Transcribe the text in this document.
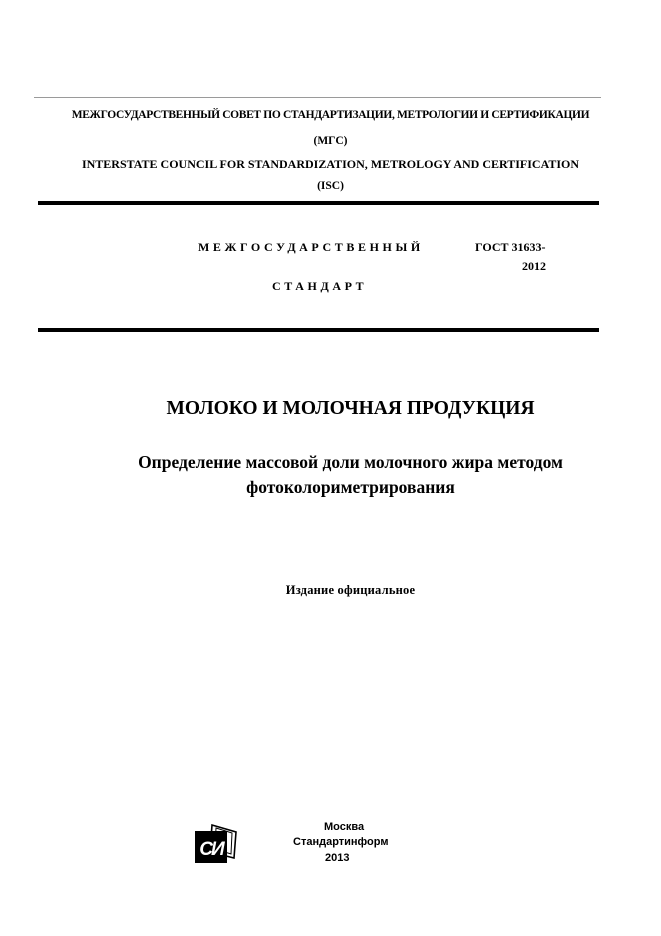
МЕЖГОСУДАРСТВЕННЫЙ СОВЕТ ПО СТАНДАРТИЗАЦИИ, МЕТРОЛОГИИ И СЕРТИФИКАЦИИ
(МГС)
INTERSTATE COUNCIL FOR STANDARDIZATION, METROLOGY AND CERTIFICATION
(ISC)
МЕЖГОСУДАРСТВЕННЫЙ	ГОСТ 31633-
2012
СТАНДАРТ
МОЛОКО И МОЛОЧНАЯ ПРОДУКЦИЯ
Определение массовой доли молочного жира методом
фотоколориметрирования
Издание официальное
СИ
Москва
Стандартинформ
2013
